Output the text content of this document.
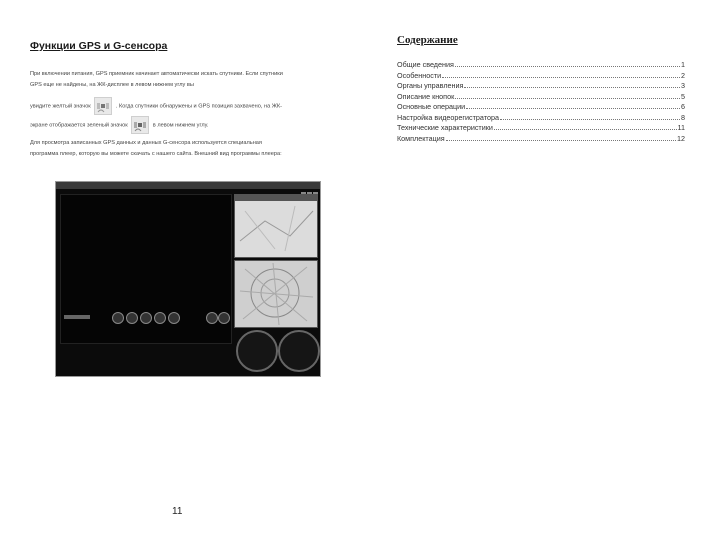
Функции GPS и G-сенсора
При включении питания, GPS приемник начинает автоматически искать спутники. Если спутники
GPS еще не найдены, на ЖК-дисплее в левом нижнем углу вы
увидите желтый значок	. Когда спутники обнаружены и GPS позиция захвачено, на ЖК-
экране отображается зеленый значок	в левом нижнем углу.
Для просмотра записанных GPS данных и данных G-сенсора используется специальная
программа плеер, которую вы можете скачать с нашего сайта. Внешний вид программы плеера:
11
Содержание
Общие сведения	1
Особенности	2
Органы управления	3
Описание кнопок	5
Основные операции	6
Настройка видеорегистратора	8
Технические характеристики	11
Комплектация	12
